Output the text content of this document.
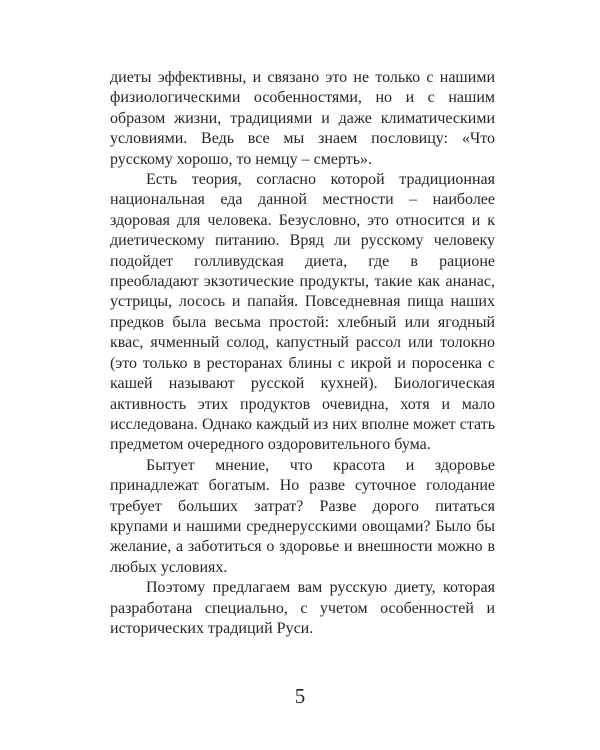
диеты эффективны, и связано это не только с нашими физиологическими особенностями, но и с нашим образом жизни, традициями и даже климатическими условиями. Ведь все мы знаем пословицу: «Что русскому хорошо, то немцу – смерть».

Есть теория, согласно которой традиционная национальная еда данной местности – наиболее здоровая для человека. Безусловно, это относится и к диетическому питанию. Вряд ли русскому человеку подойдет голливудская диета, где в рационе преобладают экзотические продукты, такие как ананас, устрицы, лосось и папайя. Повседневная пища наших предков была весьма простой: хлебный или ягодный квас, ячменный солод, капустный рассол или толокно (это только в ресторанах блины с икрой и поросенка с кашей называют русской кухней). Биологическая активность этих продуктов очевидна, хотя и мало исследована. Однако каждый из них вполне может стать предметом очередного оздоровительного бума.

Бытует мнение, что красота и здоровье принадлежат богатым. Но разве суточное голодание требует больших затрат? Разве дорого питаться крупами и нашими среднерусскими овощами? Было бы желание, а заботиться о здоровье и внешности можно в любых условиях.

Поэтому предлагаем вам русскую диету, которая разработана специально, с учетом особенностей и исторических традиций Руси.

5
